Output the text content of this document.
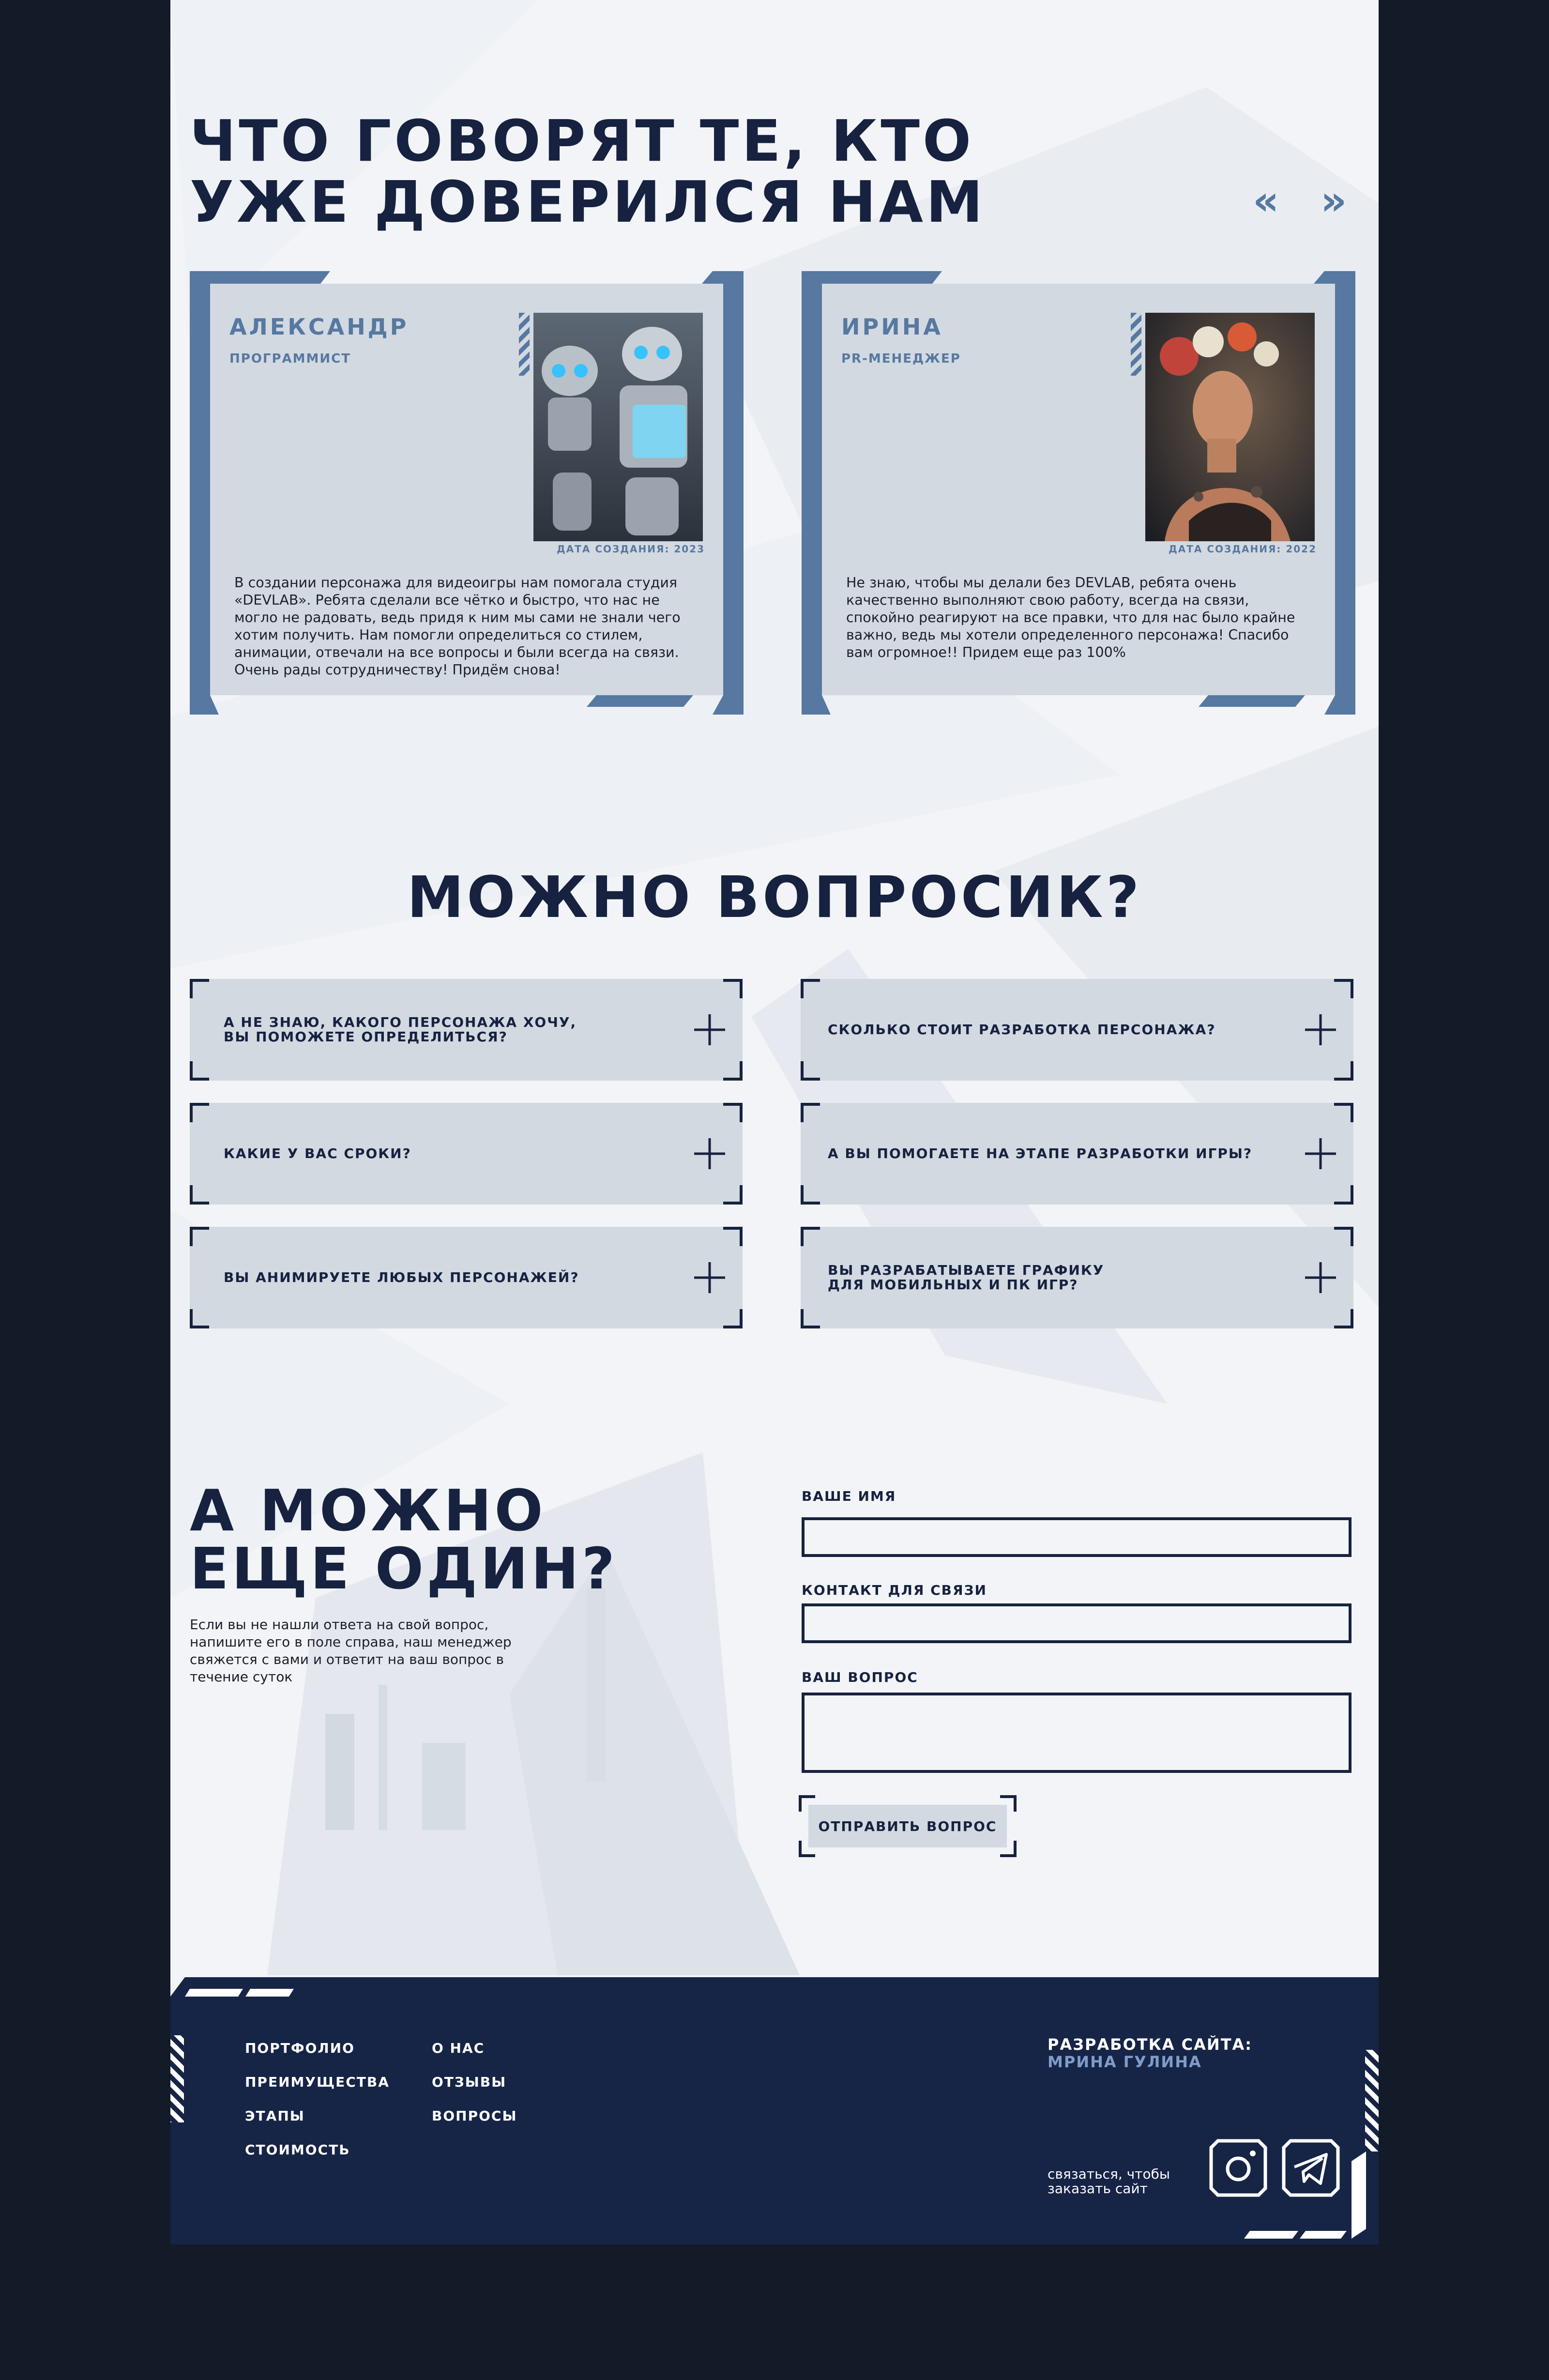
ЧТО ГОВОРЯТ ТЕ, КТО УЖЕ ДОВЕРИЛСЯ НАМ	« »
АЛЕКСАНДР
ПРОГРАММИСТ
ДАТА СОЗДАНИЯ: 2023

В создании персонажа для видеоигры нам помогала студия «DEVLAB». Ребята сделали все чётко и быстро, что нас не могло не радовать, ведь придя к ним мы сами не знали чего хотим получить. Нам помогли определиться со стилем, анимации, отвечали на все вопросы и были всегда на связи. Очень рады сотрудничеству! Придём снова!

ИРИНА
PR-МЕНЕДЖЕР
ДАТА СОЗДАНИЯ: 2022

Не знаю, чтобы мы делали без DEVLAB, ребята очень качественно выполняют свою работу, всегда на связи, спокойно реагируют на все правки, что для нас было крайне важно, ведь мы хотели определенного персонажа! Спасибо вам огромное!! Придем еще раз 100%

МОЖНО ВОПРОСИК?
А НЕ ЗНАЮ, КАКОГО ПЕРСОНАЖА ХОЧУ,
ВЫ ПОМОЖЕТЕ ОПРЕДЕЛИТЬСЯ?	СКОЛЬКО СТОИТ РАЗРАБОТКА ПЕРСОНАЖА?
КАКИЕ У ВАС СРОКИ?	А ВЫ ПОМОГАЕТЕ НА ЭТАПЕ РАЗРАБОТКИ ИГРЫ?
ВЫ АНИМИРУЕТЕ ЛЮБЫХ ПЕРСОНАЖЕЙ?	ВЫ РАЗРАБАТЫВАЕТЕ ГРАФИКУ
ДЛЯ МОБИЛЬНЫХ И ПК ИГР?
А МОЖНО ЕЩЕ ОДИН?

Если вы не нашли ответа на свой вопрос, напишите его в поле справа, наш менеджер свяжется с вами и ответит на ваш вопрос в течение суток

ВАШЕ ИМЯ
КОНТАКТ ДЛЯ СВЯЗИ
ВАШ ВОПРОС
ОТПРАВИТЬ ВОПРОС
ПОРТФОЛИО
ПРЕИМУЩЕСТВА
ЭТАПЫ
СТОИМОСТЬ
О НАС
ОТЗЫВЫ
ВОПРОСЫ
РАЗРАБОТКА САЙТА:
МРИНА ГУЛИНА
связаться, чтобы заказать сайт
